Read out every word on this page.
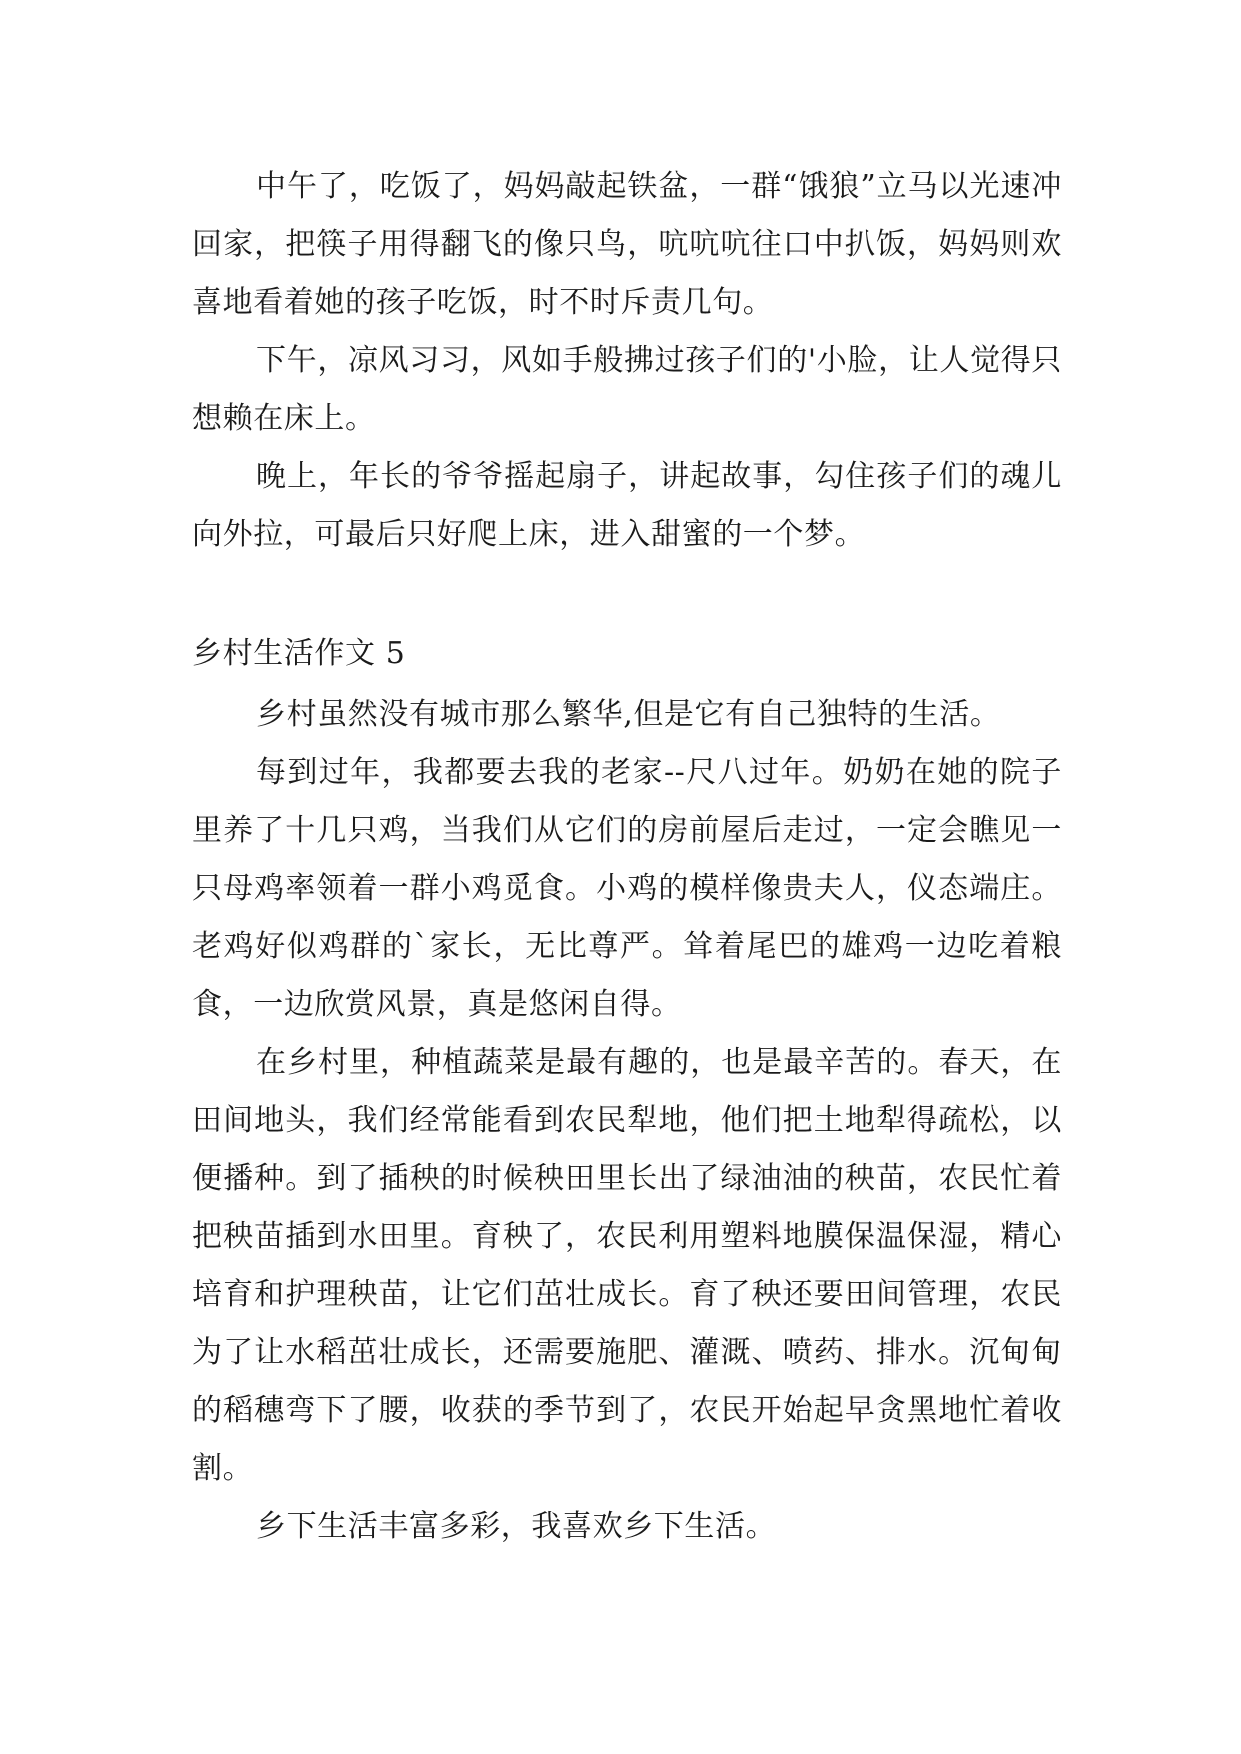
中午了，吃饭了，妈妈敲起铁盆，一群“饿狼”立马以光速冲回家，把筷子用得翻飞的像只鸟，吭吭吭往口中扒饭，妈妈则欢喜地看着她的孩子吃饭，时不时斥责几句。

下午，凉风习习，风如手般拂过孩子们的'小脸，让人觉得只想赖在床上。

晚上，年长的爷爷摇起扇子，讲起故事，勾住孩子们的魂儿向外拉，可最后只好爬上床，进入甜蜜的一个梦。

乡村生活作文 5

乡村虽然没有城市那么繁华,但是它有自己独特的生活。

每到过年，我都要去我的老家--尺八过年。奶奶在她的院子里养了十几只鸡，当我们从它们的房前屋后走过，一定会瞧见一只母鸡率领着一群小鸡觅食。小鸡的模样像贵夫人，仪态端庄。老鸡好似鸡群的`家长，无比尊严。耸着尾巴的雄鸡一边吃着粮食，一边欣赏风景，真是悠闲自得。

在乡村里，种植蔬菜是最有趣的，也是最辛苦的。春天，在田间地头，我们经常能看到农民犁地，他们把土地犁得疏松，以便播种。到了插秧的时候秧田里长出了绿油油的秧苗，农民忙着把秧苗插到水田里。育秧了，农民利用塑料地膜保温保湿，精心培育和护理秧苗，让它们茁壮成长。育了秧还要田间管理，农民为了让水稻茁壮成长，还需要施肥、灌溉、喷药、排水。沉甸甸的稻穗弯下了腰，收获的季节到了，农民开始起早贪黑地忙着收割。

乡下生活丰富多彩，我喜欢乡下生活。
